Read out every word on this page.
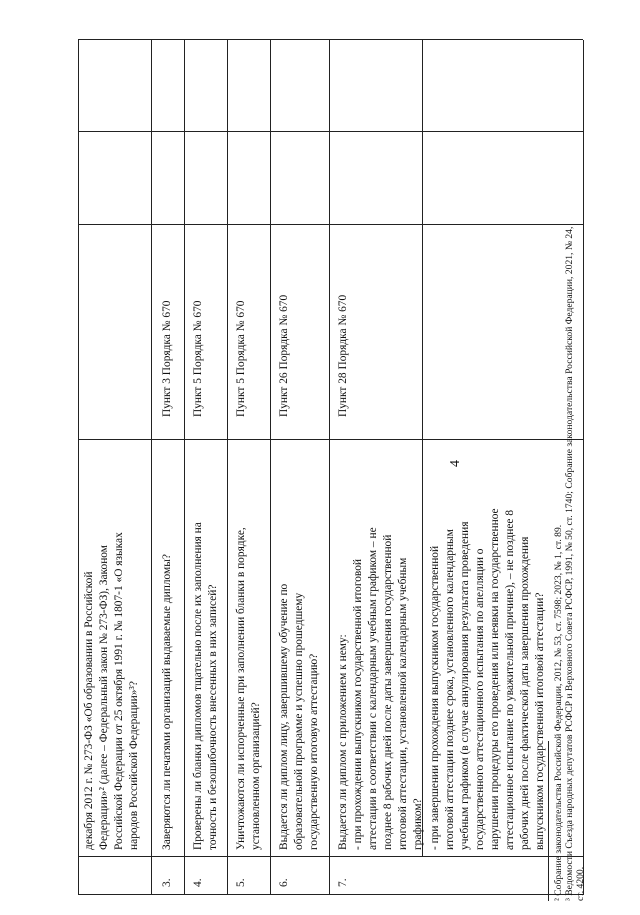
4
декабря 2012 г. № 273-ФЗ «Об образовании в Российской Федерации»² (далее – Федеральный закон № 273-ФЗ), Законом Российской Федерации от 25 октября 1991 г. № 1807-1 «О языках народов Российской Федерации»³?
3.
Заверяются ли печатями организаций выдаваемые дипломы?
Пункт 3 Порядка № 670
4.
Проверены ли бланки дипломов тщательно после их заполнения на точность и безошибочность внесенных в них записей?
Пункт 5 Порядка № 670
5.
Уничтожаются ли испорченные при заполнении бланки в порядке, установленном организацией?
Пункт 5 Порядка № 670
6.
Выдается ли диплом лицу, завершившему обучение по образовательной программе и успешно прошедшему государственную итоговую аттестацию?
Пункт 26 Порядка № 670
7.
Выдается ли диплом с приложением к нему: - при прохождении выпускником государственной итоговой аттестации в соответствии с календарным учебным графиком – не позднее 8 рабочих дней после даты завершения государственной итоговой аттестации, установленной календарным учебным графиком?
Пункт 28 Порядка № 670
- при завершении прохождения выпускником государственной итоговой аттестации позднее срока, установленного календарным учебным графиком (в случае аннулирования результата проведения государственного аттестационного испытания по апелляции о нарушении процедуры его проведения или неявки на государственное аттестационное испытание по уважительной причине), – не позднее 8 рабочих дней после фактической даты завершения прохождения выпускником государственной итоговой аттестации? ² Собрание законодательства Российской Федерации, 2012, № 53, ст. 7598; 2023, № 1, ст. 89. ³ Ведомости Съезда народных депутатов РСФСР и Верховного Совета РСФСР, 1991, № 50, ст. 1740; Собрание законодательства Российской Федерации, 2021, № 24, ст. 4200.
